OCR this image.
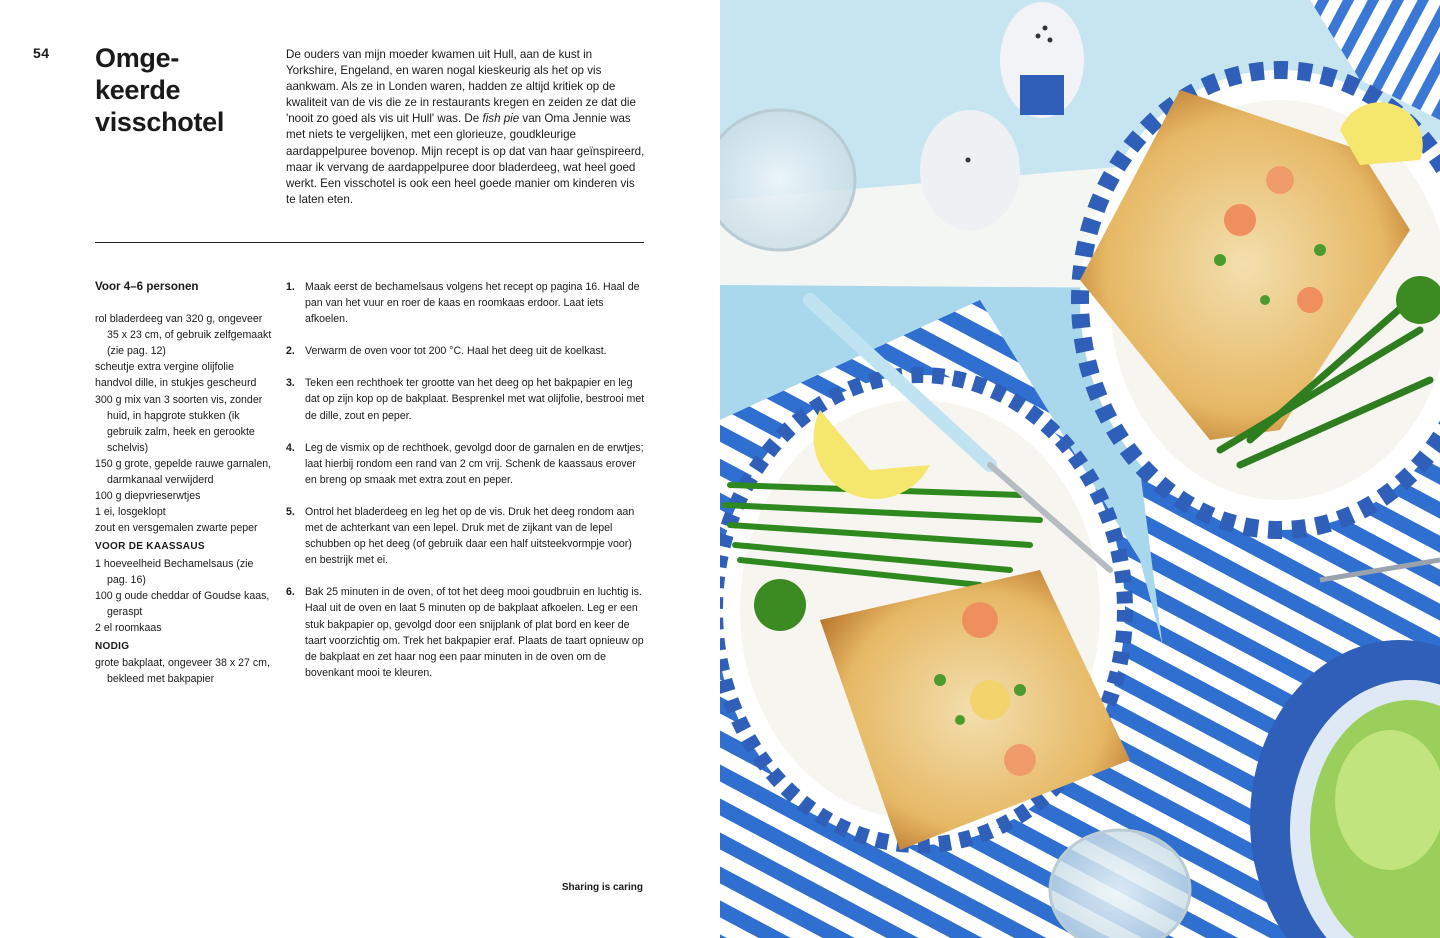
54 Omge-
keerde
visschotel
De ouders van mijn moeder kwamen uit Hull, aan de kust in Yorkshire, Engeland, en waren nogal kieskeurig als het op vis aankwam. Als ze in Londen waren, hadden ze altijd kritiek op de kwaliteit van de vis die ze in restaurants kregen en zeiden ze dat die 'nooit zo goed als vis uit Hull' was. De fish pie van Oma Jennie was met niets te vergelijken, met een glorieuze, goudkleurige aardappelpuree bovenop. Mijn recept is op dat van haar geïnspireerd, maar ik vervang de aardappelpuree door bladerdeeg, wat heel goed werkt. Een visschotel is ook een heel goede manier om kinderen vis te laten eten.
Voor 4–6 personen
rol bladerdeeg van 320 g, ongeveer 35 x 23 cm, of gebruik zelfgemaakt (zie pag. 12)
scheutje extra vergine olijfolie
handvol dille, in stukjes gescheurd
300 g mix van 3 soorten vis, zonder huid, in hapgrote stukken (ik gebruik zalm, heek en gerookte schelvis)
150 g grote, gepelde rauwe garnalen, darmkanaal verwijderd
100 g diepvrieserwtjes
1 ei, losgeklopt
zout en versgemalen zwarte peper
VOOR DE KAASSAUS
1 hoeveelheid Bechamelsaus (zie pag. 16)
100 g oude cheddar of Goudse kaas, geraspt
2 el roomkaas
NODIG
grote bakplaat, ongeveer 38 x 27 cm, bekleed met bakpapier
1. Maak eerst de bechamelsaus volgens het recept op pagina 16. Haal de pan van het vuur en roer de kaas en roomkaas erdoor. Laat iets afkoelen.
2. Verwarm de oven voor tot 200 °C. Haal het deeg uit de koelkast.
3. Teken een rechthoek ter grootte van het deeg op het bakpapier en leg dat op zijn kop op de bakplaat. Besprenkel met wat olijfolie, bestrooi met de dille, zout en peper.
4. Leg de vismix op de rechthoek, gevolgd door de garnalen en de erwtjes; laat hierbij rondom een rand van 2 cm vrij. Schenk de kaassaus erover en breng op smaak met extra zout en peper.
5. Ontrol het bladerdeeg en leg het op de vis. Druk het deeg rondom aan met de achterkant van een lepel. Druk met de zijkant van de lepel schubben op het deeg (of gebruik daar een half uitsteekvormpje voor) en bestrijk met ei.
6. Bak 25 minuten in de oven, of tot het deeg mooi goudbruin en luchtig is. Haal uit de oven en laat 5 minuten op de bakplaat afkoelen. Leg er een stuk bakpapier op, gevolgd door een snijplank of plat bord en keer de taart voorzichtig om. Trek het bakpapier eraf. Plaats de taart opnieuw op de bakplaat en zet haar nog een paar minuten in de oven om de bovenkant mooi te kleuren.
Sharing is caring
